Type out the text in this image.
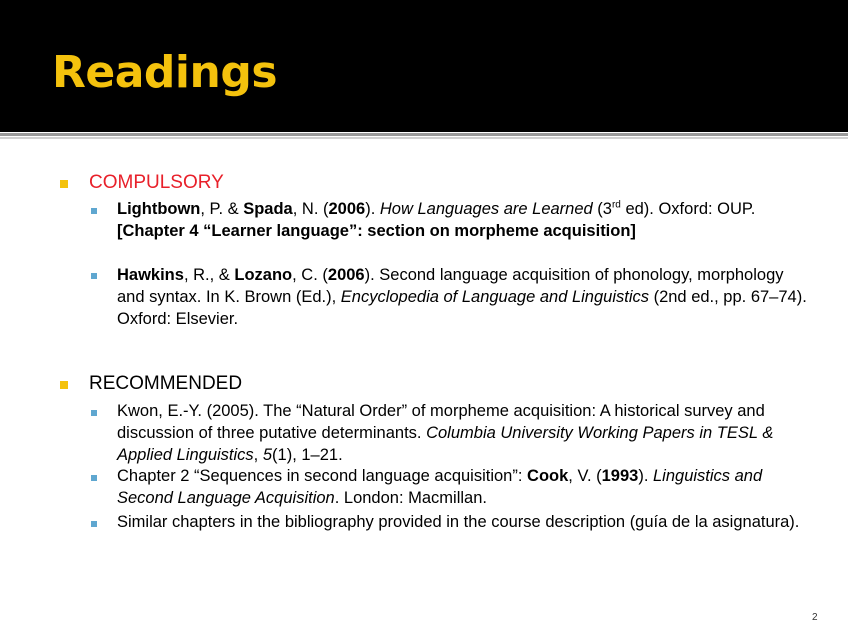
Readings
COMPULSORY
Lightbown, P. & Spada, N. (2006). How Languages are Learned (3rd ed). Oxford: OUP. [Chapter 4 “Learner language”: section on morpheme acquisition]
Hawkins, R., & Lozano, C. (2006). Second language acquisition of phonology, morphology and syntax. In K. Brown (Ed.), Encyclopedia of Language and Linguistics (2nd ed., pp. 67–74). Oxford: Elsevier.
RECOMMENDED
Kwon, E.-Y. (2005). The “Natural Order” of morpheme acquisition: A historical survey and discussion of three putative determinants. Columbia University Working Papers in TESL & Applied Linguistics, 5(1), 1–21.
Chapter 2 “Sequences in second language acquisition”: Cook, V. (1993). Linguistics and Second Language Acquisition. London: Macmillan.
Similar chapters in the bibliography provided in the course description (guía de la asignatura).
2
